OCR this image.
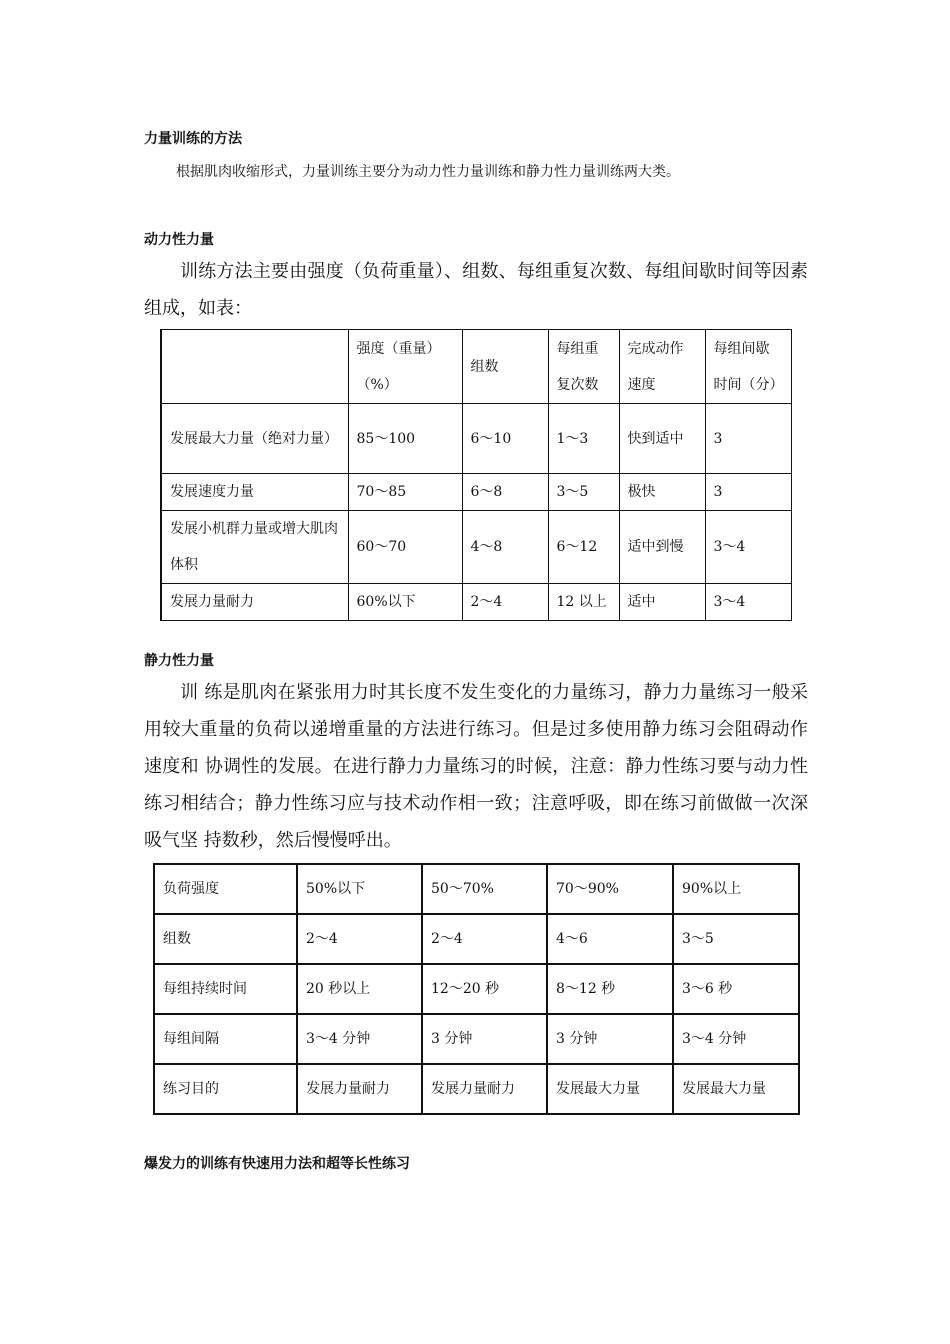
力量训练的方法
根据肌肉收缩形式，力量训练主要分为动力性力量训练和静力性力量训练两大类。
动力性力量

训练方法主要由强度（负荷重量）、组数、每组重复次数、每组间歇时间等因素组成，如表：

	强度（重量）（%）	组数	每组重复次数	完成动作速度	每组间歇时间（分）
发展最大力量（绝对力量）	85～100	6～10	1～3	快到适中	3
发展速度力量	70～85	6～8	3～5	极快	3
发展小机群力量或增大肌肉体积	60～70	4～8	6～12	适中到慢	3～4
发展力量耐力	60%以下	2～4	12 以上	适中	3～4
静力性力量

训 练是肌肉在紧张用力时其长度不发生变化的力量练习，静力力量练习一般采用较大重量的负荷以递增重量的方法进行练习。但是过多使用静力练习会阻碍动作速度和 协调性的发展。在进行静力力量练习的时候，注意：静力性练习要与动力性练习相结合；静力性练习应与技术动作相一致；注意呼吸，即在练习前做做一次深吸气坚 持数秒，然后慢慢呼出。

负荷强度	50%以下	50～70%	70～90%	90%以上
组数	2～4	2～4	4～6	3～5
每组持续时间	20 秒以上	12～20 秒	8～12 秒	3～6 秒
每组间隔	3～4 分钟	3 分钟	3 分钟	3～4 分钟
练习目的	发展力量耐力	发展力量耐力	发展最大力量	发展最大力量
爆发力的训练有快速用力法和超等长性练习
